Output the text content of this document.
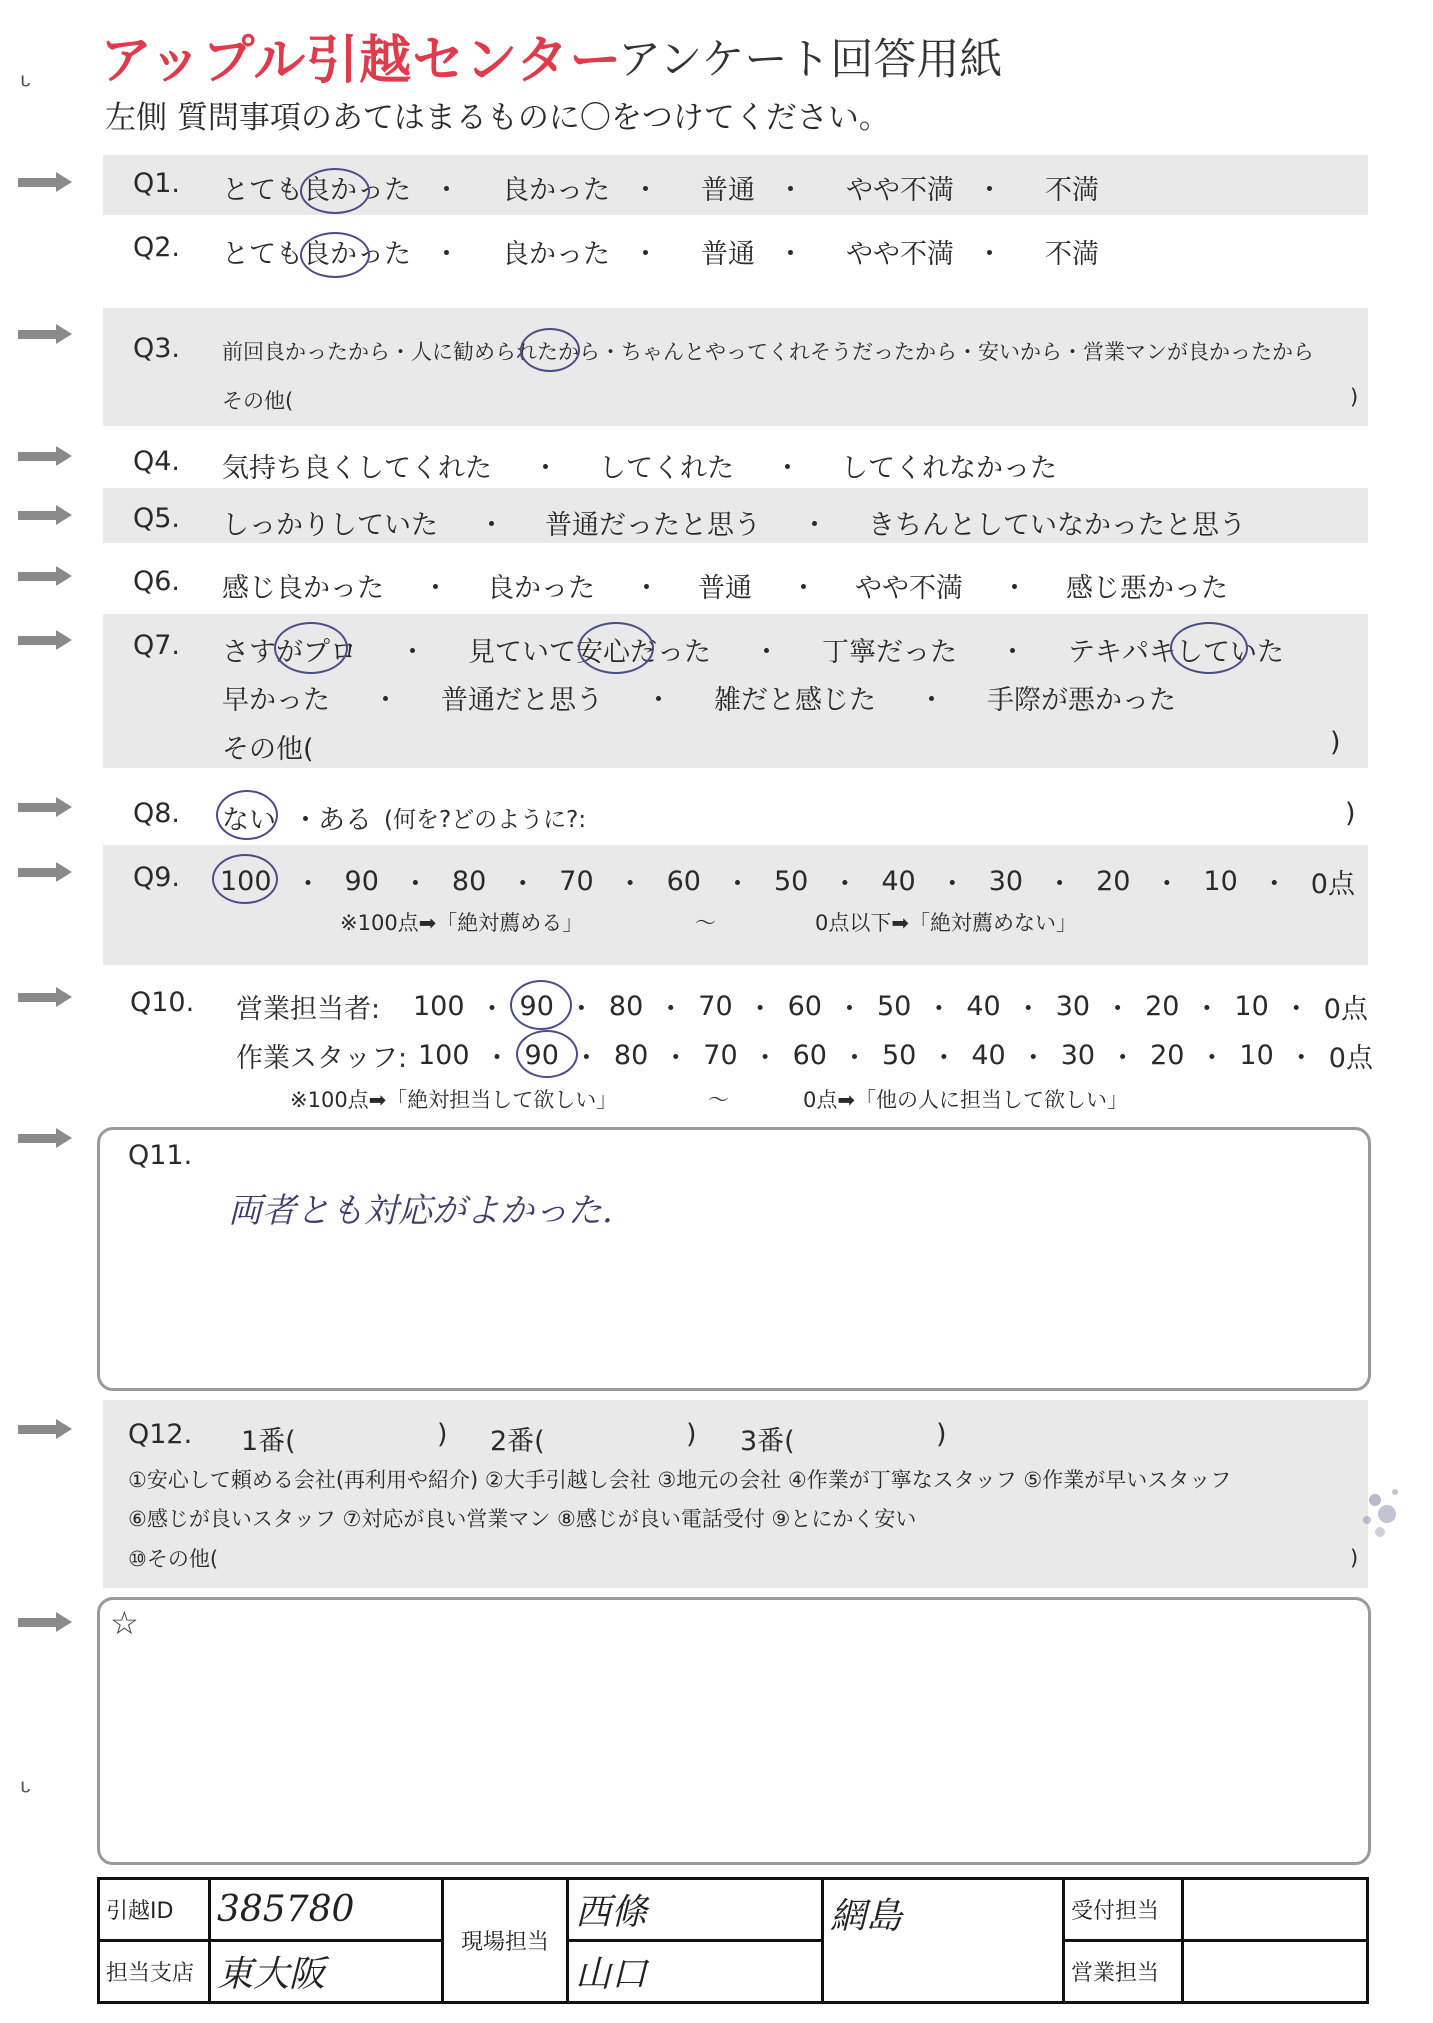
アップル引越センター
アンケート回答用紙
左側 質問事項のあてはまるものに〇をつけてください。
ᒡ
ᒡ
Q1. とても良かった ・ 良かった ・ 普通 ・ やや不満 ・ 不満
Q2. とても良かった ・ 良かった ・ 普通 ・ やや不満 ・ 不満
Q3. 前回良かったから・人に勧められたから・ちゃんとやってくれそうだったから・安いから・営業マンが良かったから
その他(	)
Q4. 気持ち良くしてくれた ・ してくれた ・ してくれなかった
Q5. しっかりしていた ・ 普通だったと思う ・ きちんとしていなかったと思う
Q6. 感じ良かった ・ 良かった ・ 普通 ・ やや不満 ・ 感じ悪かった
Q7. さすがプロ ・ 見ていて安心だった ・ 丁寧だった ・ テキパキしていた
早かった ・ 普通だと思う ・ 雑だと感じた ・ 手際が悪かった
その他(	)
Q8. ない ・ ある (何を?どのように?:	)
Q9. 100 ・ 90 ・ 80 ・ 70 ・ 60 ・ 50 ・ 40 ・ 30 ・ 20 ・ 10 ・ 0点
※100点➡「絶対薦める」	～	0点以下➡「絶対薦めない」
Q10. 営業担当者: 100 ・ 90 ・ 80 ・ 70 ・ 60 ・ 50 ・ 40 ・ 30 ・ 20 ・ 10 ・ 0点
作業スタッフ: 100 ・ 90 ・ 80 ・ 70 ・ 60 ・ 50 ・ 40 ・ 30 ・ 20 ・ 10 ・ 0点
※100点➡「絶対担当して欲しい」	～	0点➡「他の人に担当して欲しい」
Q11.
両者とも対応がよかった.
Q12. 1番(	) 2番(	) 3番(	)
①安心して頼める会社(再利用や紹介) ②大手引越し会社 ③地元の会社 ④作業が丁寧なスタッフ ⑤作業が早いスタッフ
⑥感じが良いスタッフ ⑦対応が良い営業マン ⑧感じが良い電話受付 ⑨とにかく安い
⑩その他(	)
☆
引越ID	385780	現場担当	西條	網島	受付担当	
担当支店	東大阪		山口		営業担当	
